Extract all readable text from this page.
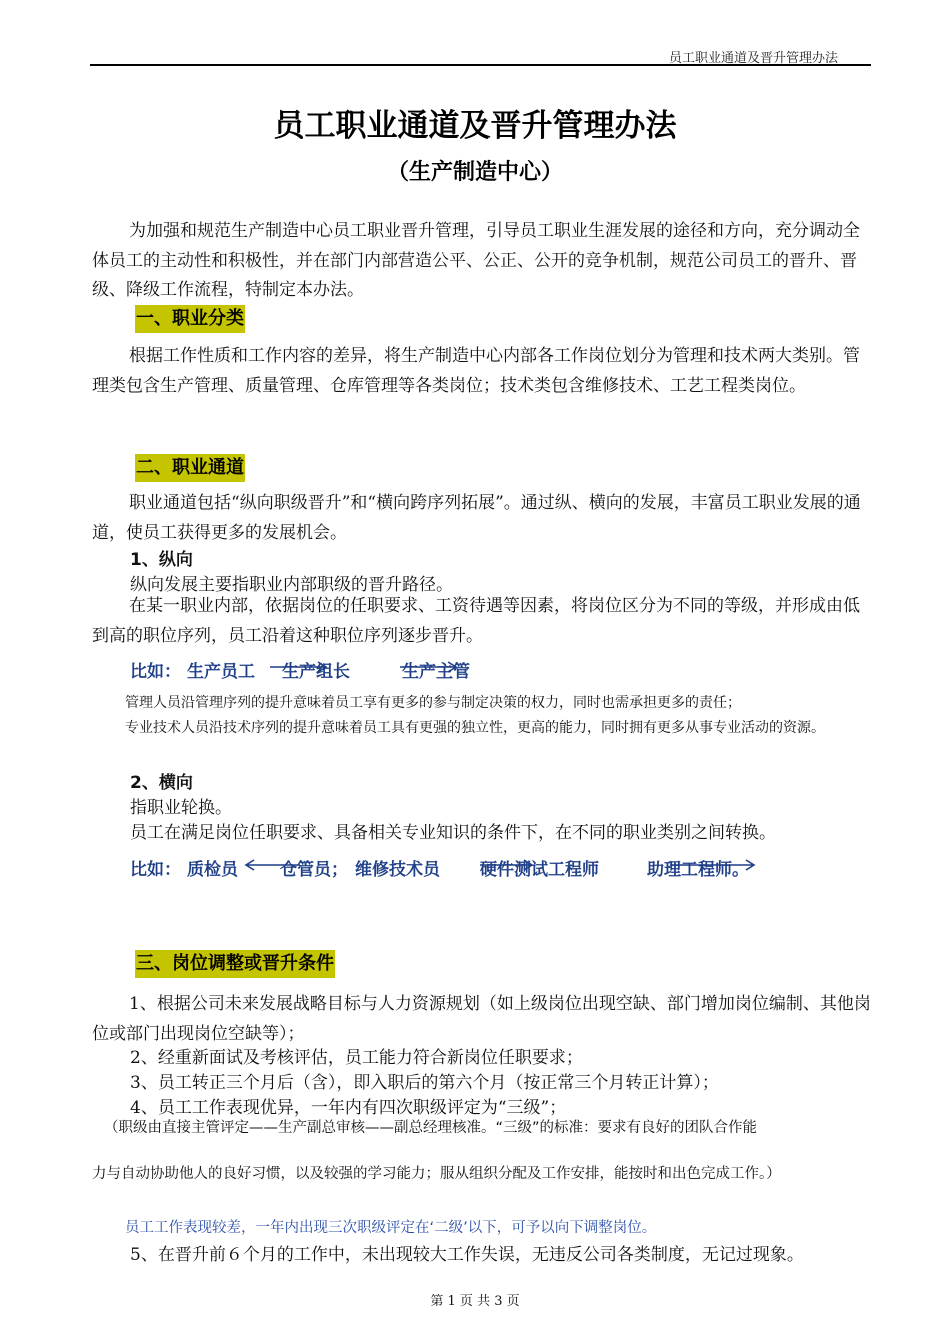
员工职业通道及晋升管理办法
员工职业通道及晋升管理办法
（生产制造中心）
为加强和规范生产制造中心员工职业晋升管理，引导员工职业生涯发展的途径和方向，充分调动全体员工的主动性和积极性，并在部门内部营造公平、公正、公开的竞争机制，规范公司员工的晋升、晋级、降级工作流程，特制定本办法。
一、职业分类
根据工作性质和工作内容的差异，将生产制造中心内部各工作岗位划分为管理和技术两大类别。管理类包含生产管理、质量管理、仓库管理等各类岗位；技术类包含维修技术、工艺工程类岗位。
二、职业通道
职业通道包括“纵向职级晋升”和“横向跨序列拓展”。通过纵、横向的发展，丰富员工职业发展的通道，使员工获得更多的发展机会。
1、纵向
纵向发展主要指职业内部职级的晋升路径。
在某一职业内部，依据岗位的任职要求、工资待遇等因素，将岗位区分为不同的等级，并形成由低到高的职位序列，员工沿着这种职位序列逐步晋升。
比如： 生产员工 生产组长	生产主管
管理人员沿管理序列的提升意味着员工享有更多的参与制定决策的权力，同时也需承担更多的责任；
专业技术人员沿技术序列的提升意味着员工具有更强的独立性，更高的能力，同时拥有更多从事专业活动的资源。
2、横向
指职业轮换。
员工在满足岗位任职要求、具备相关专业知识的条件下，在不同的职业类别之间转换。
比如： 质检员 仓管员； 维修技术员 硬件测试工程师	助理工程师。
三、岗位调整或晋升条件
1、根据公司未来发展战略目标与人力资源规划（如上级岗位出现空缺、部门增加岗位编制、其他岗位或部门出现岗位空缺等）；
2、经重新面试及考核评估，员工能力符合新岗位任职要求；
3、员工转正三个月后（含），即入职后的第六个月（按正常三个月转正计算）；
4、员工工作表现优异，一年内有四次职级评定为“三级”；
（职级由直接主管评定——生产副总审核——副总经理核准。“三级”的标准：要求有良好的团队合作能
力与自动协助他人的良好习惯，以及较强的学习能力；服从组织分配及工作安排，能按时和出色完成工作。）
员工工作表现较差，一年内出现三次职级评定在‘二级’以下，可予以向下调整岗位。
5、在晋升前６个月的工作中，未出现较大工作失误，无违反公司各类制度，无记过现象。
第 1 页 共 3 页
